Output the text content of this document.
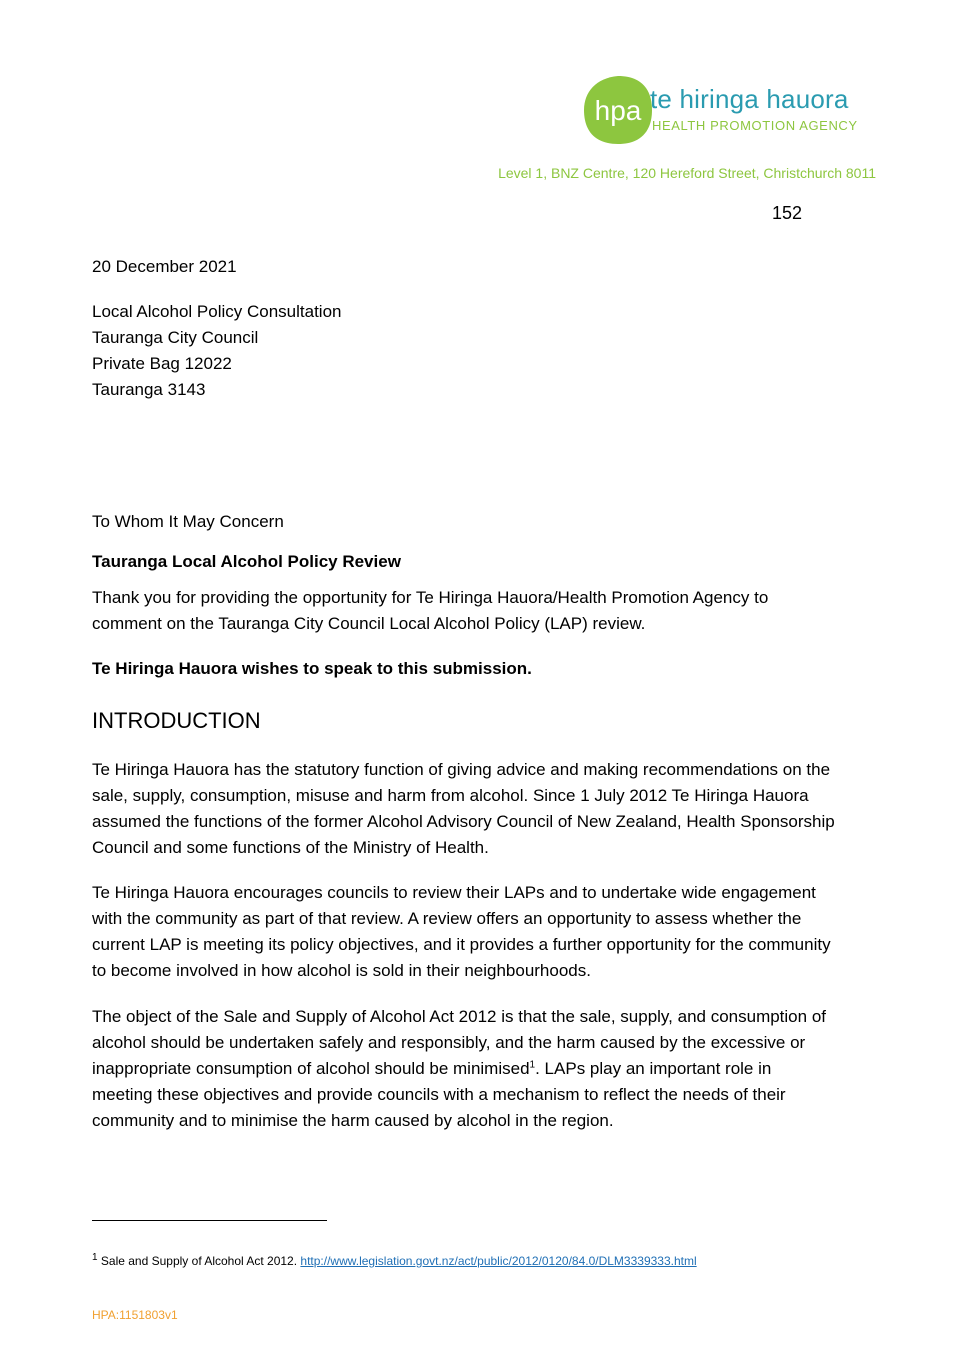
hpa te hiringa hauora
HEALTH PROMOTION AGENCY
Level 1, BNZ Centre, 120 Hereford Street, Christchurch 8011
152
20 December 2021
Local Alcohol Policy Consultation
Tauranga City Council
Private Bag 12022
Tauranga 3143
To Whom It May Concern
Tauranga Local Alcohol Policy Review
Thank you for providing the opportunity for Te Hiringa Hauora/Health Promotion Agency to
comment on the Tauranga City Council Local Alcohol Policy (LAP) review.
Te Hiringa Hauora wishes to speak to this submission.
INTRODUCTION
Te Hiringa Hauora has the statutory function of giving advice and making recommendations on the
sale, supply, consumption, misuse and harm from alcohol. Since 1 July 2012 Te Hiringa Hauora
assumed the functions of the former Alcohol Advisory Council of New Zealand, Health Sponsorship
Council and some functions of the Ministry of Health.
Te Hiringa Hauora encourages councils to review their LAPs and to undertake wide engagement
with the community as part of that review. A review offers an opportunity to assess whether the
current LAP is meeting its policy objectives, and it provides a further opportunity for the community
to become involved in how alcohol is sold in their neighbourhoods.
The object of the Sale and Supply of Alcohol Act 2012 is that the sale, supply, and consumption of
alcohol should be undertaken safely and responsibly, and the harm caused by the excessive or
inappropriate consumption of alcohol should be minimised$^1$. LAPs play an important role in
meeting these objectives and provide councils with a mechanism to reflect the needs of their
community and to minimise the harm caused by alcohol in the region.
$^1$ Sale and Supply of Alcohol Act 2012. http://www.legislation.govt.nz/act/public/2012/0120/84.0/DLM3339333.html
HPA:1151803v1
